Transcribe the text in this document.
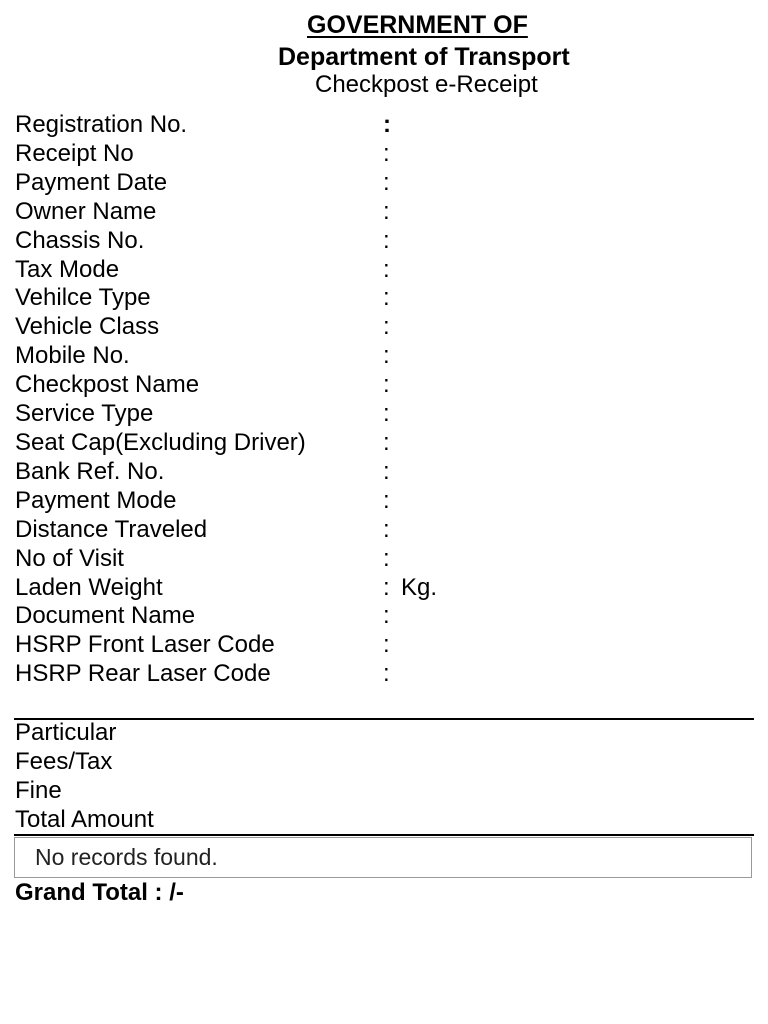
GOVERNMENT OF
Department of Transport
Checkpost e-Receipt
Registration No.	:
Receipt No	:
Payment Date	:
Owner Name	:
Chassis No.	:
Tax Mode	:
Vehilce Type	:
Vehicle Class	:
Mobile No.	:
Checkpost Name	:
Service Type	:
Seat Cap(Excluding Driver)	:
Bank Ref. No.	:
Payment Mode	:
Distance Traveled	:
No of Visit	:
Laden Weight	: Kg.
Document Name	:
HSRP Front Laser Code	:
HSRP Rear Laser Code	:
Particular
Fees/Tax
Fine
Total Amount
No records found.
Grand Total : /-
